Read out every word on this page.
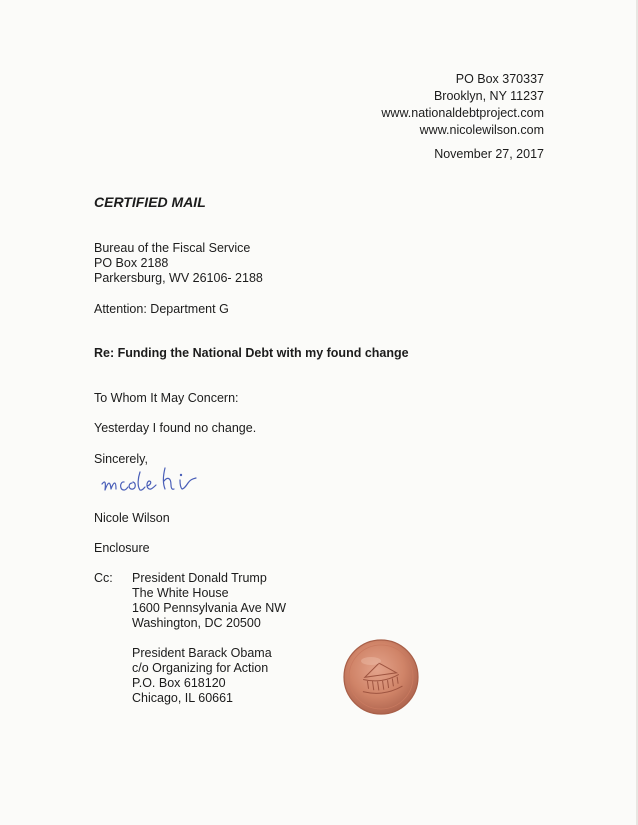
PO Box 370337
Brooklyn, NY 11237
www.nationaldebtproject.com
www.nicolewilson.com
November 27, 2017
CERTIFIED MAIL
Bureau of the Fiscal Service
PO Box 2188
Parkersburg, WV 26106- 2188
Attention: Department G
Re: Funding the National Debt with my found change
To Whom It May Concern:
Yesterday I found no change.
Sincerely,
Nicole Wilson
Enclosure
Cc: President Donald Trump
The White House
1600 Pennsylvania Ave NW
Washington, DC 20500
President Barack Obama
c/o Organizing for Action
P.O. Box 618120
Chicago, IL 60661
